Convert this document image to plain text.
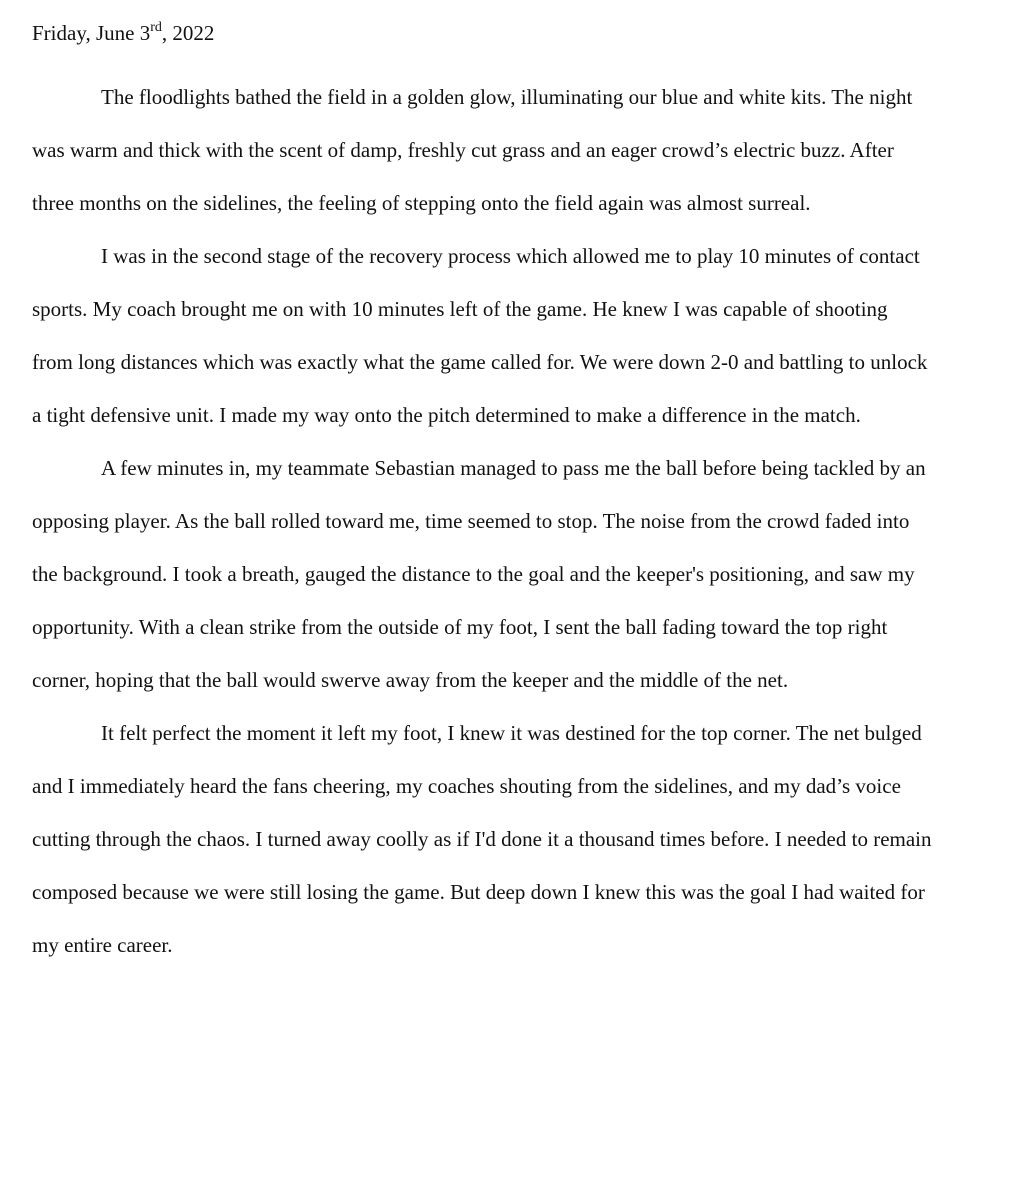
Friday, June 3rd, 2022

The floodlights bathed the field in a golden glow, illuminating our blue and white kits. The night was warm and thick with the scent of damp, freshly cut grass and an eager crowd’s electric buzz. After three months on the sidelines, the feeling of stepping onto the field again was almost surreal.

I was in the second stage of the recovery process which allowed me to play 10 minutes of contact sports. My coach brought me on with 10 minutes left of the game. He knew I was capable of shooting from long distances which was exactly what the game called for. We were down 2-0 and battling to unlock a tight defensive unit. I made my way onto the pitch determined to make a difference in the match.

A few minutes in, my teammate Sebastian managed to pass me the ball before being tackled by an opposing player. As the ball rolled toward me, time seemed to stop. The noise from the crowd faded into the background. I took a breath, gauged the distance to the goal and the keeper's positioning, and saw my opportunity. With a clean strike from the outside of my foot, I sent the ball fading toward the top right corner, hoping that the ball would swerve away from the keeper and the middle of the net.

It felt perfect the moment it left my foot, I knew it was destined for the top corner. The net bulged and I immediately heard the fans cheering, my coaches shouting from the sidelines, and my dad’s voice cutting through the chaos. I turned away coolly as if I'd done it a thousand times before. I needed to remain composed because we were still losing the game. But deep down I knew this was the goal I had waited for my entire career.
